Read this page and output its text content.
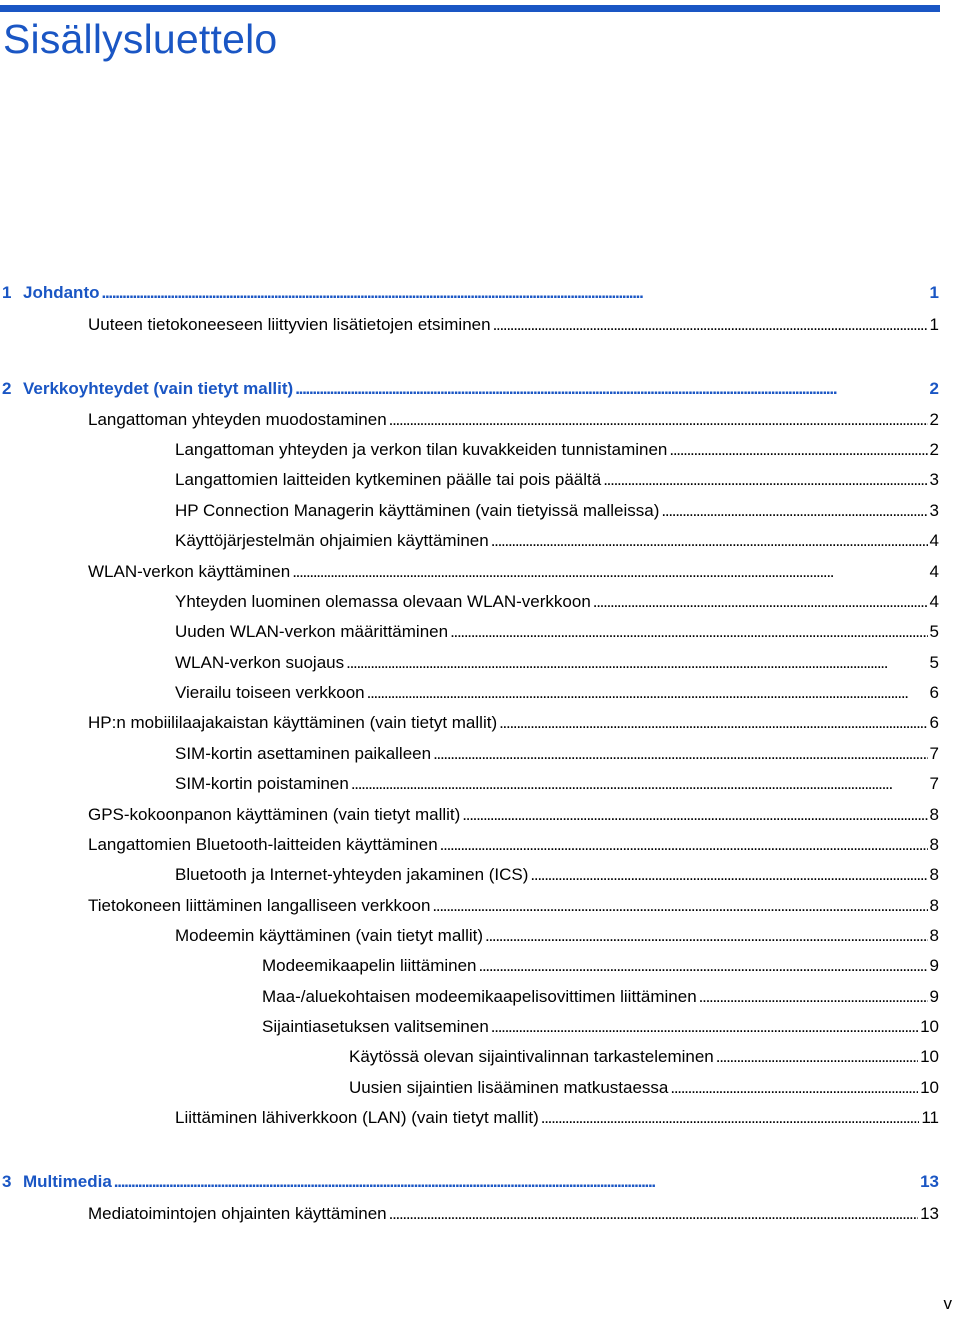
Sisällysluettelo
1 Johdanto . . .	1
Uuteen tietokoneeseen liittyvien lisätietojen etsiminen . . .	1
2 Verkkoyhteydet (vain tietyt mallit) . . .	2
Langattoman yhteyden muodostaminen . . .	2
Langattoman yhteyden ja verkon tilan kuvakkeiden tunnistaminen . . .	2
Langattomien laitteiden kytkeminen päälle tai pois päältä . . .	3
HP Connection Managerin käyttäminen (vain tietyissä malleissa) . . .	3
Käyttöjärjestelmän ohjaimien käyttäminen . . .	4
WLAN-verkon käyttäminen . . .	4
Yhteyden luominen olemassa olevaan WLAN-verkkoon . . .	4
Uuden WLAN-verkon määrittäminen . . .	5
WLAN-verkon suojaus . . .	5
Vierailu toiseen verkkoon . . .	6
HP:n mobiililaajakaistan käyttäminen (vain tietyt mallit) . . .	6
SIM-kortin asettaminen paikalleen . . .	7
SIM-kortin poistaminen . . .	7
GPS-kokoonpanon käyttäminen (vain tietyt mallit) . . .	8
Langattomien Bluetooth-laitteiden käyttäminen . . .	8
Bluetooth ja Internet-yhteyden jakaminen (ICS) . . .	8
Tietokoneen liittäminen langalliseen verkkoon . . .	8
Modeemin käyttäminen (vain tietyt mallit) . . .	8
Modeemikaapelin liittäminen . . .	9
Maa-/aluekohtaisen modeemikaapelisovittimen liittäminen . . .	9
Sijaintiasetuksen valitseminen . . .	10
Käytössä olevan sijaintivalinnan tarkasteleminen . . .	10
Uusien sijaintien lisääminen matkustaessa . . .	10
Liittäminen lähiverkkoon (LAN) (vain tietyt mallit) . . .	11
3 Multimedia . . .	13
Mediatoimintojen ohjainten käyttäminen . . .	13
v
